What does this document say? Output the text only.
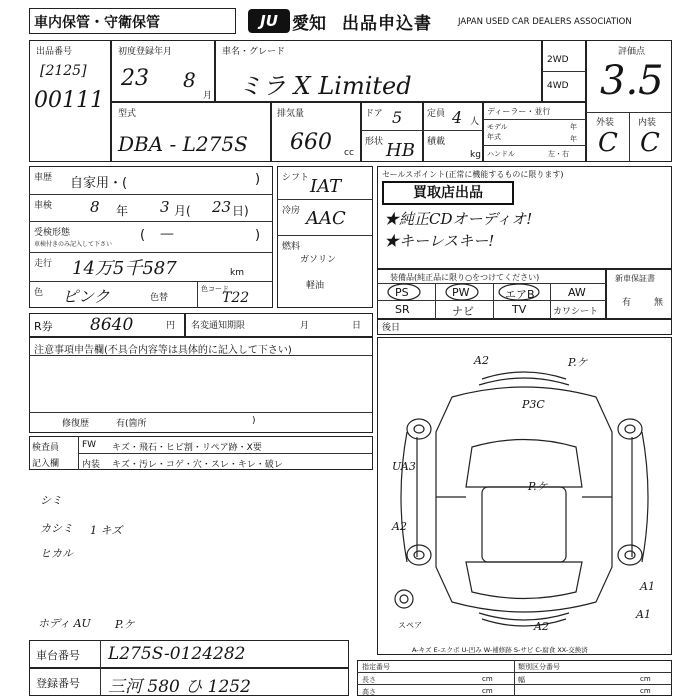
車内保管・守衛保管	JU 愛知 出品申込書	JAPAN USED CAR DEALERS ASSOCIATION
出品番号
[2125]
00111
初度登録年月
23 8
月
車名・グレード
ミラ X Limited
2WD
4WD
評価点
3.5
外装	内装
C C
型式
DBA - L275S
排気量
660 cc
ドア 5
形状 HB
定員 4 人
積載
kg
ディーラー・並行
モデル	年
年式	年
ハンドル	左・右
車歴 自家用・(	)
車検	8 年 3 月( 23 日)
受検形態
車検付きのみ記入して下さい
( —	)
走行 14万5千587	km
色 ピンク	色替
色コード
T22
シフト IAT
冷房 AAC
燃料
ガソリン
軽油
セールスポイント(正常に機能するものに限ります)
買取店出品
★純正CDオーディオ!
★キーレスキー!
装備品(純正品に限り○をつけてください)
PS	PW	エアB	AW
SR	ナビ	TV	カワシート
新車保証書
有	無
R券 8640	円 名変通知期限	月	日 後日
注意事項申告欄(不具合内容等は具体的に記入して下さい)
修復歴	有(箇所	)
検査員
記入欄
FW キズ・飛石・ヒビ割・リペア跡・X要
内装 キズ・汚レ・コゲ・穴・スレ・キレ・破レ
シミ
カシミ 1 キズ
ヒカル
ホディ AU P.ケ
車台番号 L275S-0124282
登録番号 三河 580 ひ 1252
A2	P.ケ
P3C
P.ケ
UA3
A2
A1
A2
A1
スペア
A-キズ E-エクボ U-凹み W-補修跡 S-サビ C-腐食 XX-交換済
指定番号	類別区分番号
長さ	cm	幅	cm
高さ	cm	cm
